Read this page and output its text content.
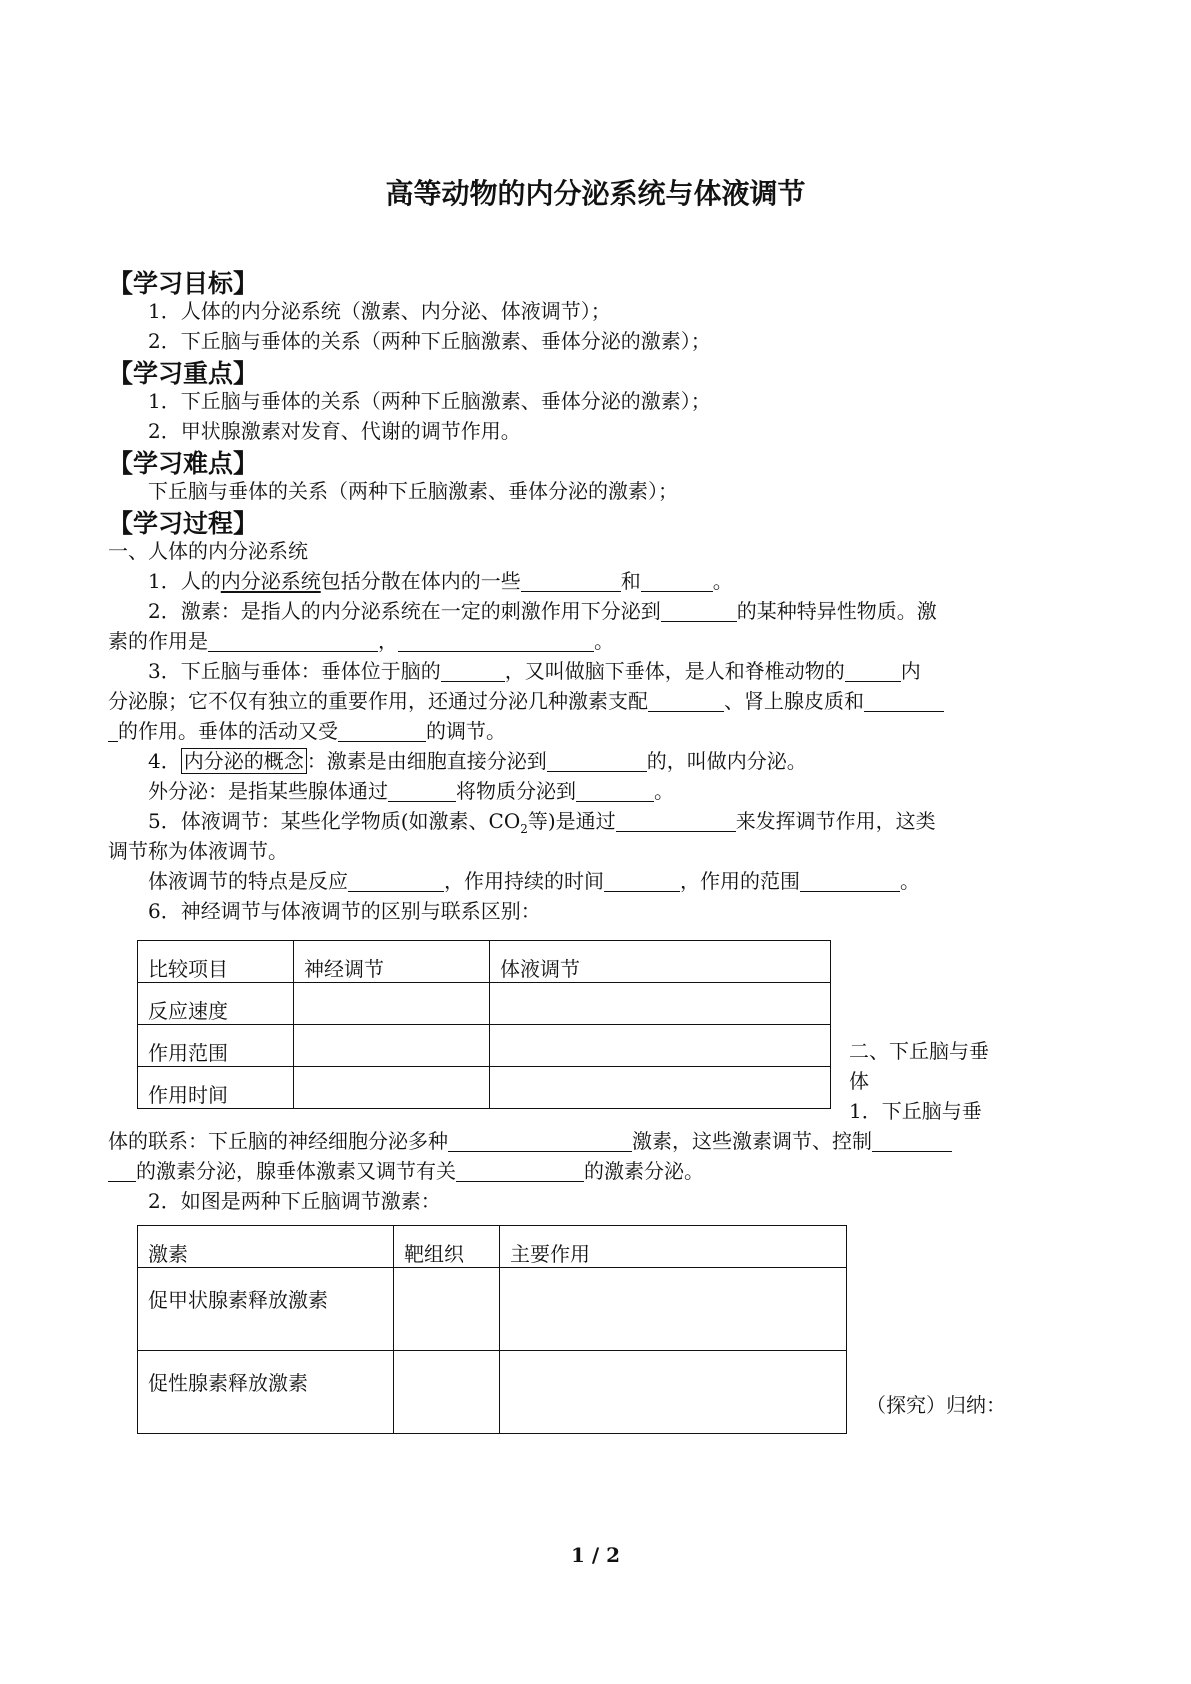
高等动物的内分泌系统与体液调节
【学习目标】
1．人体的内分泌系统（激素、内分泌、体液调节）；
2．下丘脑与垂体的关系（两种下丘脑激素、垂体分泌的激素）；
【学习重点】
1．下丘脑与垂体的关系（两种下丘脑激素、垂体分泌的激素）；
2．甲状腺激素对发育、代谢的调节作用。
【学习难点】
下丘脑与垂体的关系（两种下丘脑激素、垂体分泌的激素）；
【学习过程】
一、人体的内分泌系统
1．人的内分泌系统包括分散在体内的一些	和	。
2．激素：是指人的内分泌系统在一定的刺激作用下分泌到	的某种特异性物质。激
素的作用是	，	。
3．下丘脑与垂体：垂体位于脑的	，又叫做脑下垂体，是人和脊椎动物的	内
分泌腺；它不仅有独立的重要作用，还通过分泌几种激素支配	、肾上腺皮质和
的作用。垂体的活动又受	的调节。
4． 内分泌的概念 ：激素是由细胞直接分泌到	的，叫做内分泌。
外分泌：是指某些腺体通过	将物质分泌到	。
5．体液调节：某些化学物质(如激素、$CO_2$等)是通过	来发挥调节作用，这类
调节称为体液调节。
体液调节的特点是反应	，作用持续的时间	，作用的范围	。
6．神经调节与体液调节的区别与联系区别：
比较项目	神经调节	体液调节
反应速度		
作用范围		
作用时间		
二、下丘脑与垂
体
1．下丘脑与垂
体的联系：下丘脑的神经细胞分泌多种	激素，这些激素调节、控制
的激素分泌，腺垂体激素又调节有关	的激素分泌。
2．如图是两种下丘脑调节激素：
激素	靶组织	主要作用
促甲状腺素释放激素		
促性腺素释放激素		
（探究）归纳：
1 / 2
